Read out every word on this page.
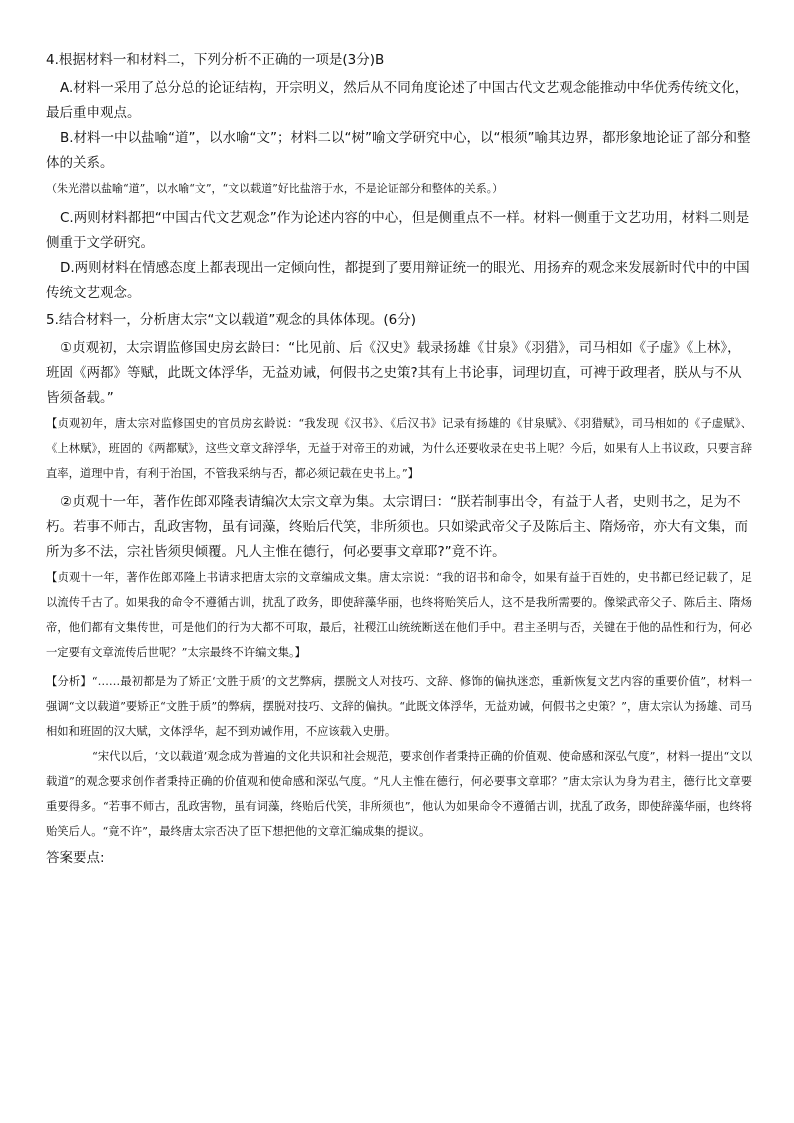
4.根据材料一和材料二，下列分析不正确的一项是(3分)B

A.材料一采用了总分总的论证结构，开宗明义，然后从不同角度论述了中国古代文艺观念能推动中华优秀传统文化，最后重申观点。

B.材料一中以盐喻“道”，以水喻“文”；材料二以“树”喻文学研究中心，以“根须”喻其边界，都形象地论证了部分和整体的关系。

（朱光潜以盐喻“道”，以水喻“文”，“文以载道”好比盐溶于水，不是论证部分和整体的关系。）

C.两则材料都把“中国古代文艺观念”作为论述内容的中心，但是侧重点不一样。材料一侧重于文艺功用，材料二则是侧重于文学研究。

D.两则材料在情感态度上都表现出一定倾向性，都提到了要用辩证统一的眼光、用扬弃的观念来发展新时代中的中国传统文艺观念。

5.结合材料一，分析唐太宗“文以载道”观念的具体体现。(6分)

①贞观初，太宗谓监修国史房玄龄曰：“比见前、后《汉史》载录扬雄《甘泉》《羽猎》，司马相如《子虚》《上林》，班固《两都》等赋，此既文体浮华，无益劝诫，何假书之史策?其有上书论事，词理切直，可裨于政理者，朕从与不从皆须备载。”

【贞观初年，唐太宗对监修国史的官员房玄龄说：“我发现《汉书》、《后汉书》记录有扬雄的《甘泉赋》、《羽猎赋》，司马相如的《子虚赋》、《上林赋》，班固的《两都赋》，这些文章文辞浮华，无益于对帝王的劝诫，为什么还要收录在史书上呢？今后，如果有人上书议政，只要言辞直率，道理中肯，有利于治国，不管我采纳与否，都必须记载在史书上。”】

②贞观十一年，著作佐郎邓隆表请编次太宗文章为集。太宗谓曰：“朕若制事出令，有益于人者，史则书之，足为不朽。若事不师古，乱政害物，虽有词藻，终贻后代笑，非所须也。只如梁武帝父子及陈后主、隋炀帝，亦大有文集，而所为多不法，宗社皆须臾倾覆。凡人主惟在德行，何必要事文章耶?”竟不许。

【贞观十一年，著作佐郎邓隆上书请求把唐太宗的文章编成文集。唐太宗说：“我的诏书和命令，如果有益于百姓的，史书都已经记载了，足以流传千古了。如果我的命令不遵循古训，扰乱了政务，即使辞藻华丽，也终将贻笑后人，这不是我所需要的。像梁武帝父子、陈后主、隋炀帝，他们都有文集传世，可是他们的行为大都不可取，最后，社稷江山统统断送在他们手中。君主圣明与否，关键在于他的品性和行为，何必一定要有文章流传后世呢？”太宗最终不许编文集。】

【分析】“……最初都是为了矫正‘文胜于质’的文艺弊病，摆脱文人对技巧、文辞、修饰的偏执迷恋，重新恢复文艺内容的重要价值”，材料一强调“文以载道”要矫正“文胜于质”的弊病，摆脱对技巧、文辞的偏执。“此既文体浮华，无益劝诫，何假书之史策？”，唐太宗认为扬雄、司马相如和班固的汉大赋，文体浮华，起不到劝诫作用，不应该载入史册。

“宋代以后，‘文以载道’观念成为普遍的文化共识和社会规范，要求创作者秉持正确的价值观、使命感和深弘气度”，材料一提出“文以载道”的观念要求创作者秉持正确的价值观和使命感和深弘气度。“凡人主惟在德行，何必要事文章耶？”唐太宗认为身为君主，德行比文章要重要得多。“若事不师古，乱政害物，虽有词藻，终贻后代笑，非所须也”，他认为如果命令不遵循古训，扰乱了政务，即使辞藻华丽，也终将贻笑后人。“竟不许”，最终唐太宗否决了臣下想把他的文章汇编成集的提议。

答案要点:
